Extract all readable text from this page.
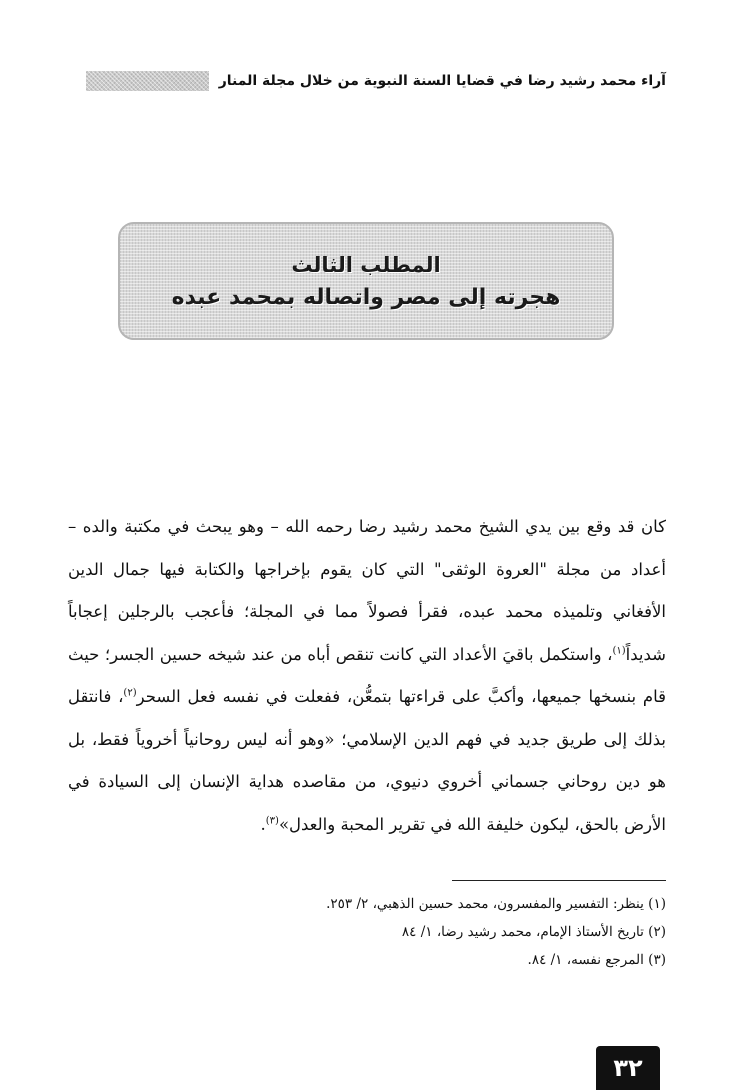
آراء محمد رشيد رضا في قضايا السنة النبوية من خلال مجلة المنار
المطلب الثالث
هجرته إلى مصر واتصاله بمحمد عبده

كان قد وقع بين يدي الشيخ محمد رشيد رضا رحمه الله – وهو يبحث في مكتبة والده – أعداد من مجلة "العروة الوثقى" التي كان يقوم بإخراجها والكتابة فيها جمال الدين الأفغاني وتلميذه محمد عبده، فقرأ فصولاً مما في المجلة؛ فأعجب بالرجلين إعجاباً شديداً$^{(١)}$، واستكمل باقيَ الأعداد التي كانت تنقص أباه من عند شيخه حسين الجسر؛ حيث قام بنسخها جميعها، وأكبَّ على قراءتها بتمعُّن، ففعلت في نفسه فعل السحر$^{(٢)}$، فانتقل بذلك إلى طريق جديد في فهم الدين الإسلامي؛ «وهو أنه ليس روحانياً أخروياً فقط، بل هو دين روحاني جسماني أخروي دنيوي، من مقاصده هداية الإنسان إلى السيادة في الأرض بالحق، ليكون خليفة الله في تقرير المحبة والعدل»$^{(٣)}$.

(١) ينظر: التفسير والمفسرون، محمد حسين الذهبي، ٢/ ٢٥٣.

(٢) تاريخ الأستاذ الإمام، محمد رشيد رضا، ١/ ٨٤

(٣) المرجع نفسه، ١/ ٨٤.

٣٢
